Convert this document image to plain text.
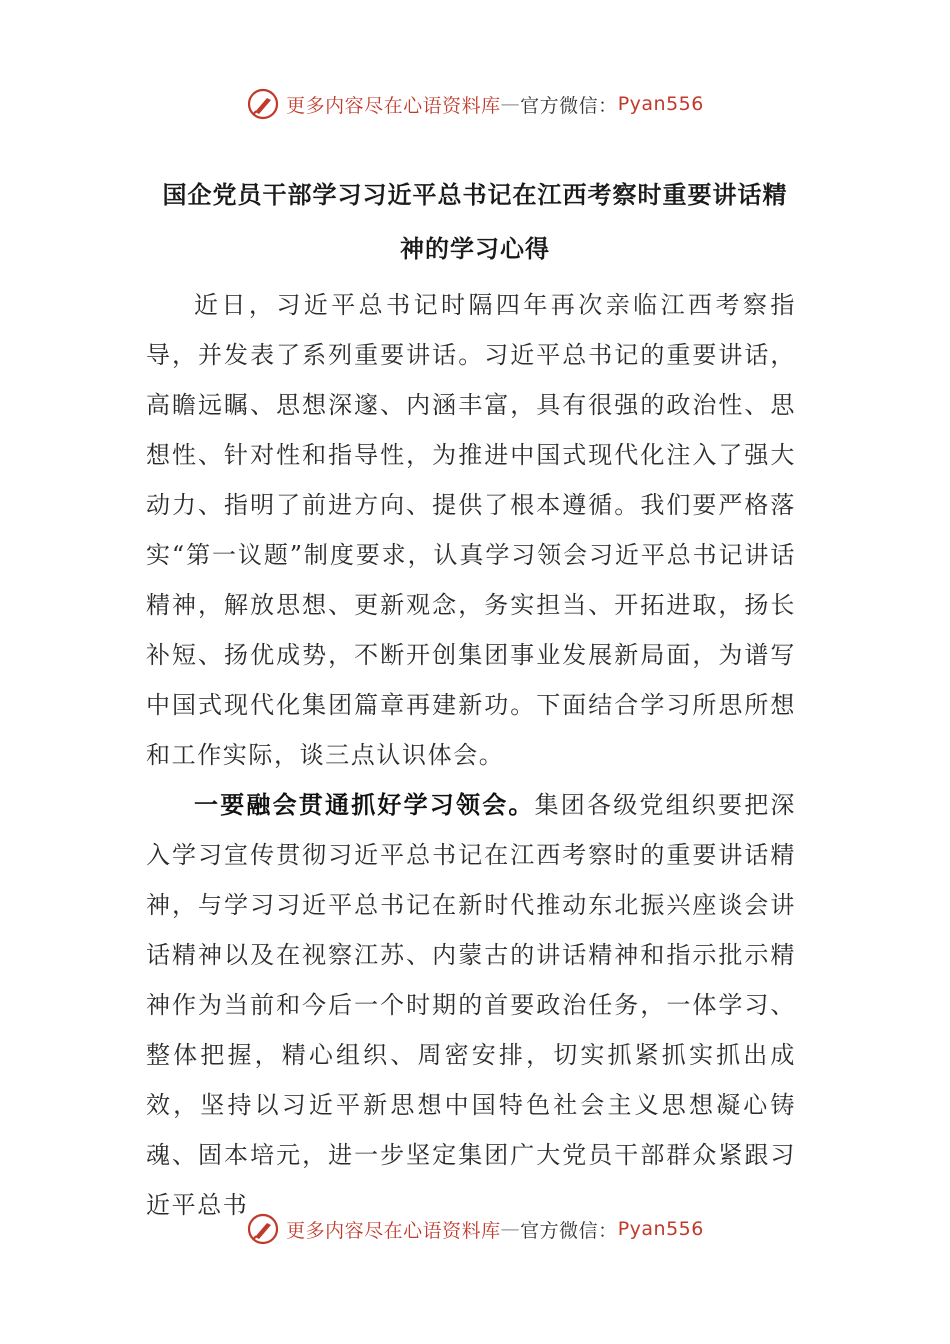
更多内容尽在心语资料库 — 官方微信： Pyan556
国企党员干部学习习近平总书记在江西考察时重要讲话精
神的学习心得

近日，习近平总书记时隔四年再次亲临江西考察指导，并发表了系列重要讲话。习近平总书记的重要讲话，高瞻远瞩、思想深邃、内涵丰富，具有很强的政治性、思想性、针对性和指导性，为推进中国式现代化注入了强大动力、指明了前进方向、提供了根本遵循。我们要严格落实“第一议题”制度要求，认真学习领会习近平总书记讲话精神，解放思想、更新观念，务实担当、开拓进取，扬长补短、扬优成势，不断开创集团事业发展新局面，为谱写中国式现代化集团篇章再建新功。下面结合学习所思所想和工作实际，谈三点认识体会。

一要融会贯通抓好学习领会。集团各级党组织要把深入学习宣传贯彻习近平总书记在江西考察时的重要讲话精神，与学习习近平总书记在新时代推动东北振兴座谈会讲话精神以及在视察江苏、内蒙古的讲话精神和指示批示精神作为当前和今后一个时期的首要政治任务，一体学习、整体把握，精心组织、周密安排，切实抓紧抓实抓出成效，坚持以习近平新思想中国特色社会主义思想凝心铸魂、固本培元，进一步坚定集团广大党员干部群众紧跟习近平总书

更多内容尽在心语资料库 — 官方微信： Pyan556
